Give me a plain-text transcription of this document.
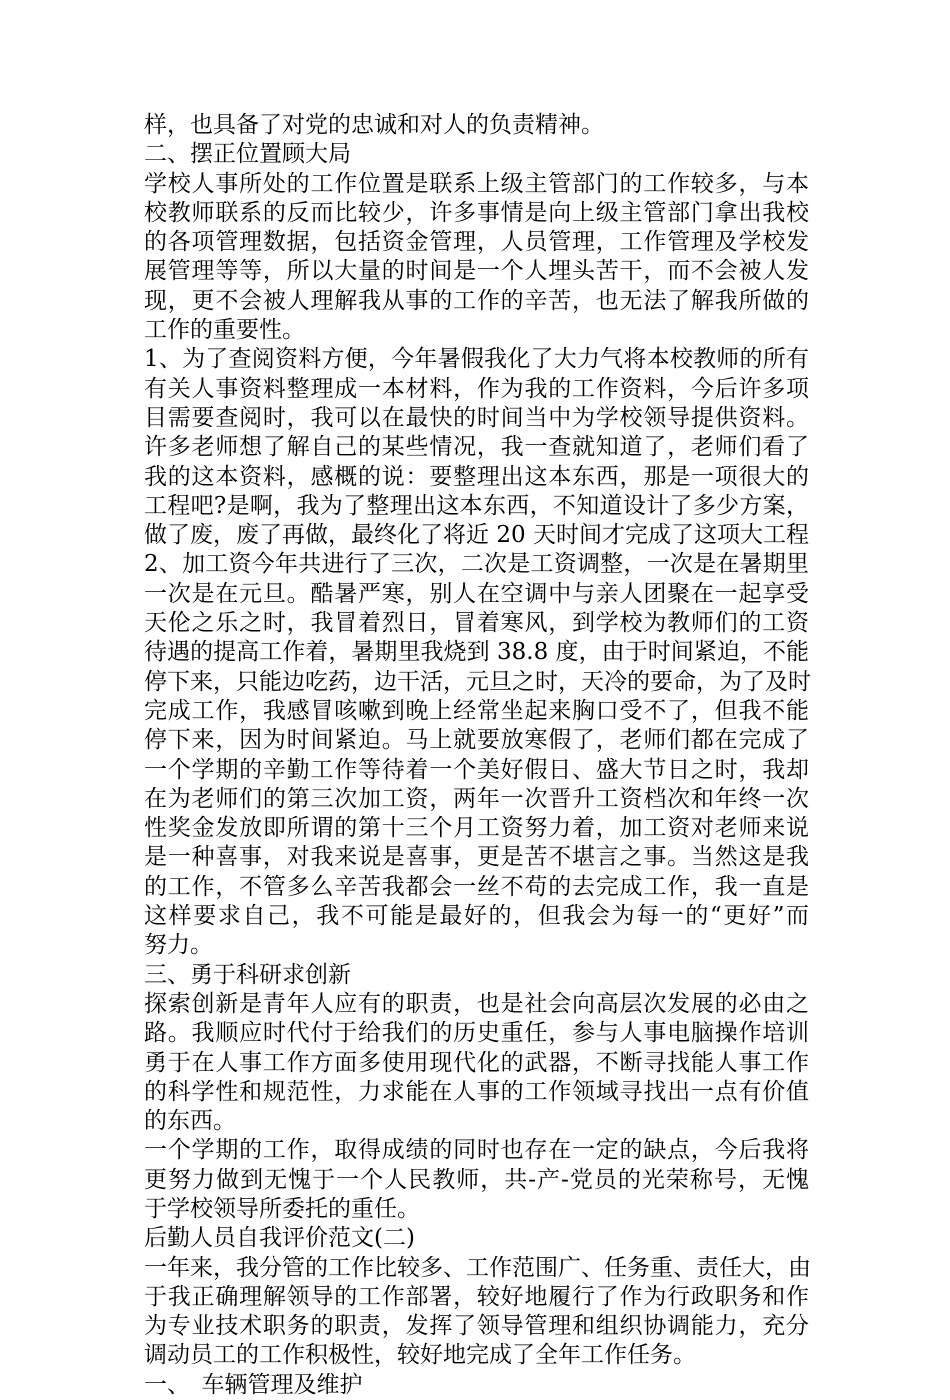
样，也具备了对党的忠诚和对人的负责精神。
二、摆正位置顾大局
学校人事所处的工作位置是联系上级主管部门的工作较多，与本
校教师联系的反而比较少，许多事情是向上级主管部门拿出我校
的各项管理数据，包括资金管理，人员管理，工作管理及学校发
展管理等等，所以大量的时间是一个人埋头苦干，而不会被人发
现，更不会被人理解我从事的工作的辛苦，也无法了解我所做的
工作的重要性。
1、为了查阅资料方便，今年暑假我化了大力气将本校教师的所有
有关人事资料整理成一本材料，作为我的工作资料，今后许多项
目需要查阅时，我可以在最快的时间当中为学校领导提供资料。
许多老师想了解自己的某些情况，我一查就知道了，老师们看了
我的这本资料，感概的说：要整理出这本东西，那是一项很大的
工程吧?是啊，我为了整理出这本东西，不知道设计了多少方案，
做了废，废了再做，最终化了将近 20 天时间才完成了这项大工程
2、加工资今年共进行了三次，二次是工资调整，一次是在暑期里
一次是在元旦。酷暑严寒，别人在空调中与亲人团聚在一起享受
天伦之乐之时，我冒着烈日，冒着寒风，到学校为教师们的工资
待遇的提高工作着，暑期里我烧到 38.8 度，由于时间紧迫，不能
停下来，只能边吃药，边干活，元旦之时，天冷的要命，为了及时
完成工作，我感冒咳嗽到晚上经常坐起来胸口受不了，但我不能
停下来，因为时间紧迫。马上就要放寒假了，老师们都在完成了
一个学期的辛勤工作等待着一个美好假日、盛大节日之时，我却
在为老师们的第三次加工资，两年一次晋升工资档次和年终一次
性奖金发放即所谓的第十三个月工资努力着，加工资对老师来说
是一种喜事，对我来说是喜事，更是苦不堪言之事。当然这是我
的工作，不管多么辛苦我都会一丝不苟的去完成工作，我一直是
这样要求自己，我不可能是最好的，但我会为每一的“更好”而
努力。
三、勇于科研求创新
探索创新是青年人应有的职责，也是社会向高层次发展的必由之
路。我顺应时代付于给我们的历史重任，参与人事电脑操作培训
勇于在人事工作方面多使用现代化的武器，不断寻找能人事工作
的科学性和规范性，力求能在人事的工作领域寻找出一点有价值
的东西。
一个学期的工作，取得成绩的同时也存在一定的缺点，今后我将
更努力做到无愧于一个人民教师，共-产-党员的光荣称号，无愧
于学校领导所委托的重任。
后勤人员自我评价范文(二)
一年来，我分管的工作比较多、工作范围广、任务重、责任大，由
于我正确理解领导的工作部署，较好地履行了作为行政职务和作
为专业技术职务的职责，发挥了领导管理和组织协调能力，充分
调动员工的工作积极性，较好地完成了全年工作任务。
一、　车辆管理及维护
